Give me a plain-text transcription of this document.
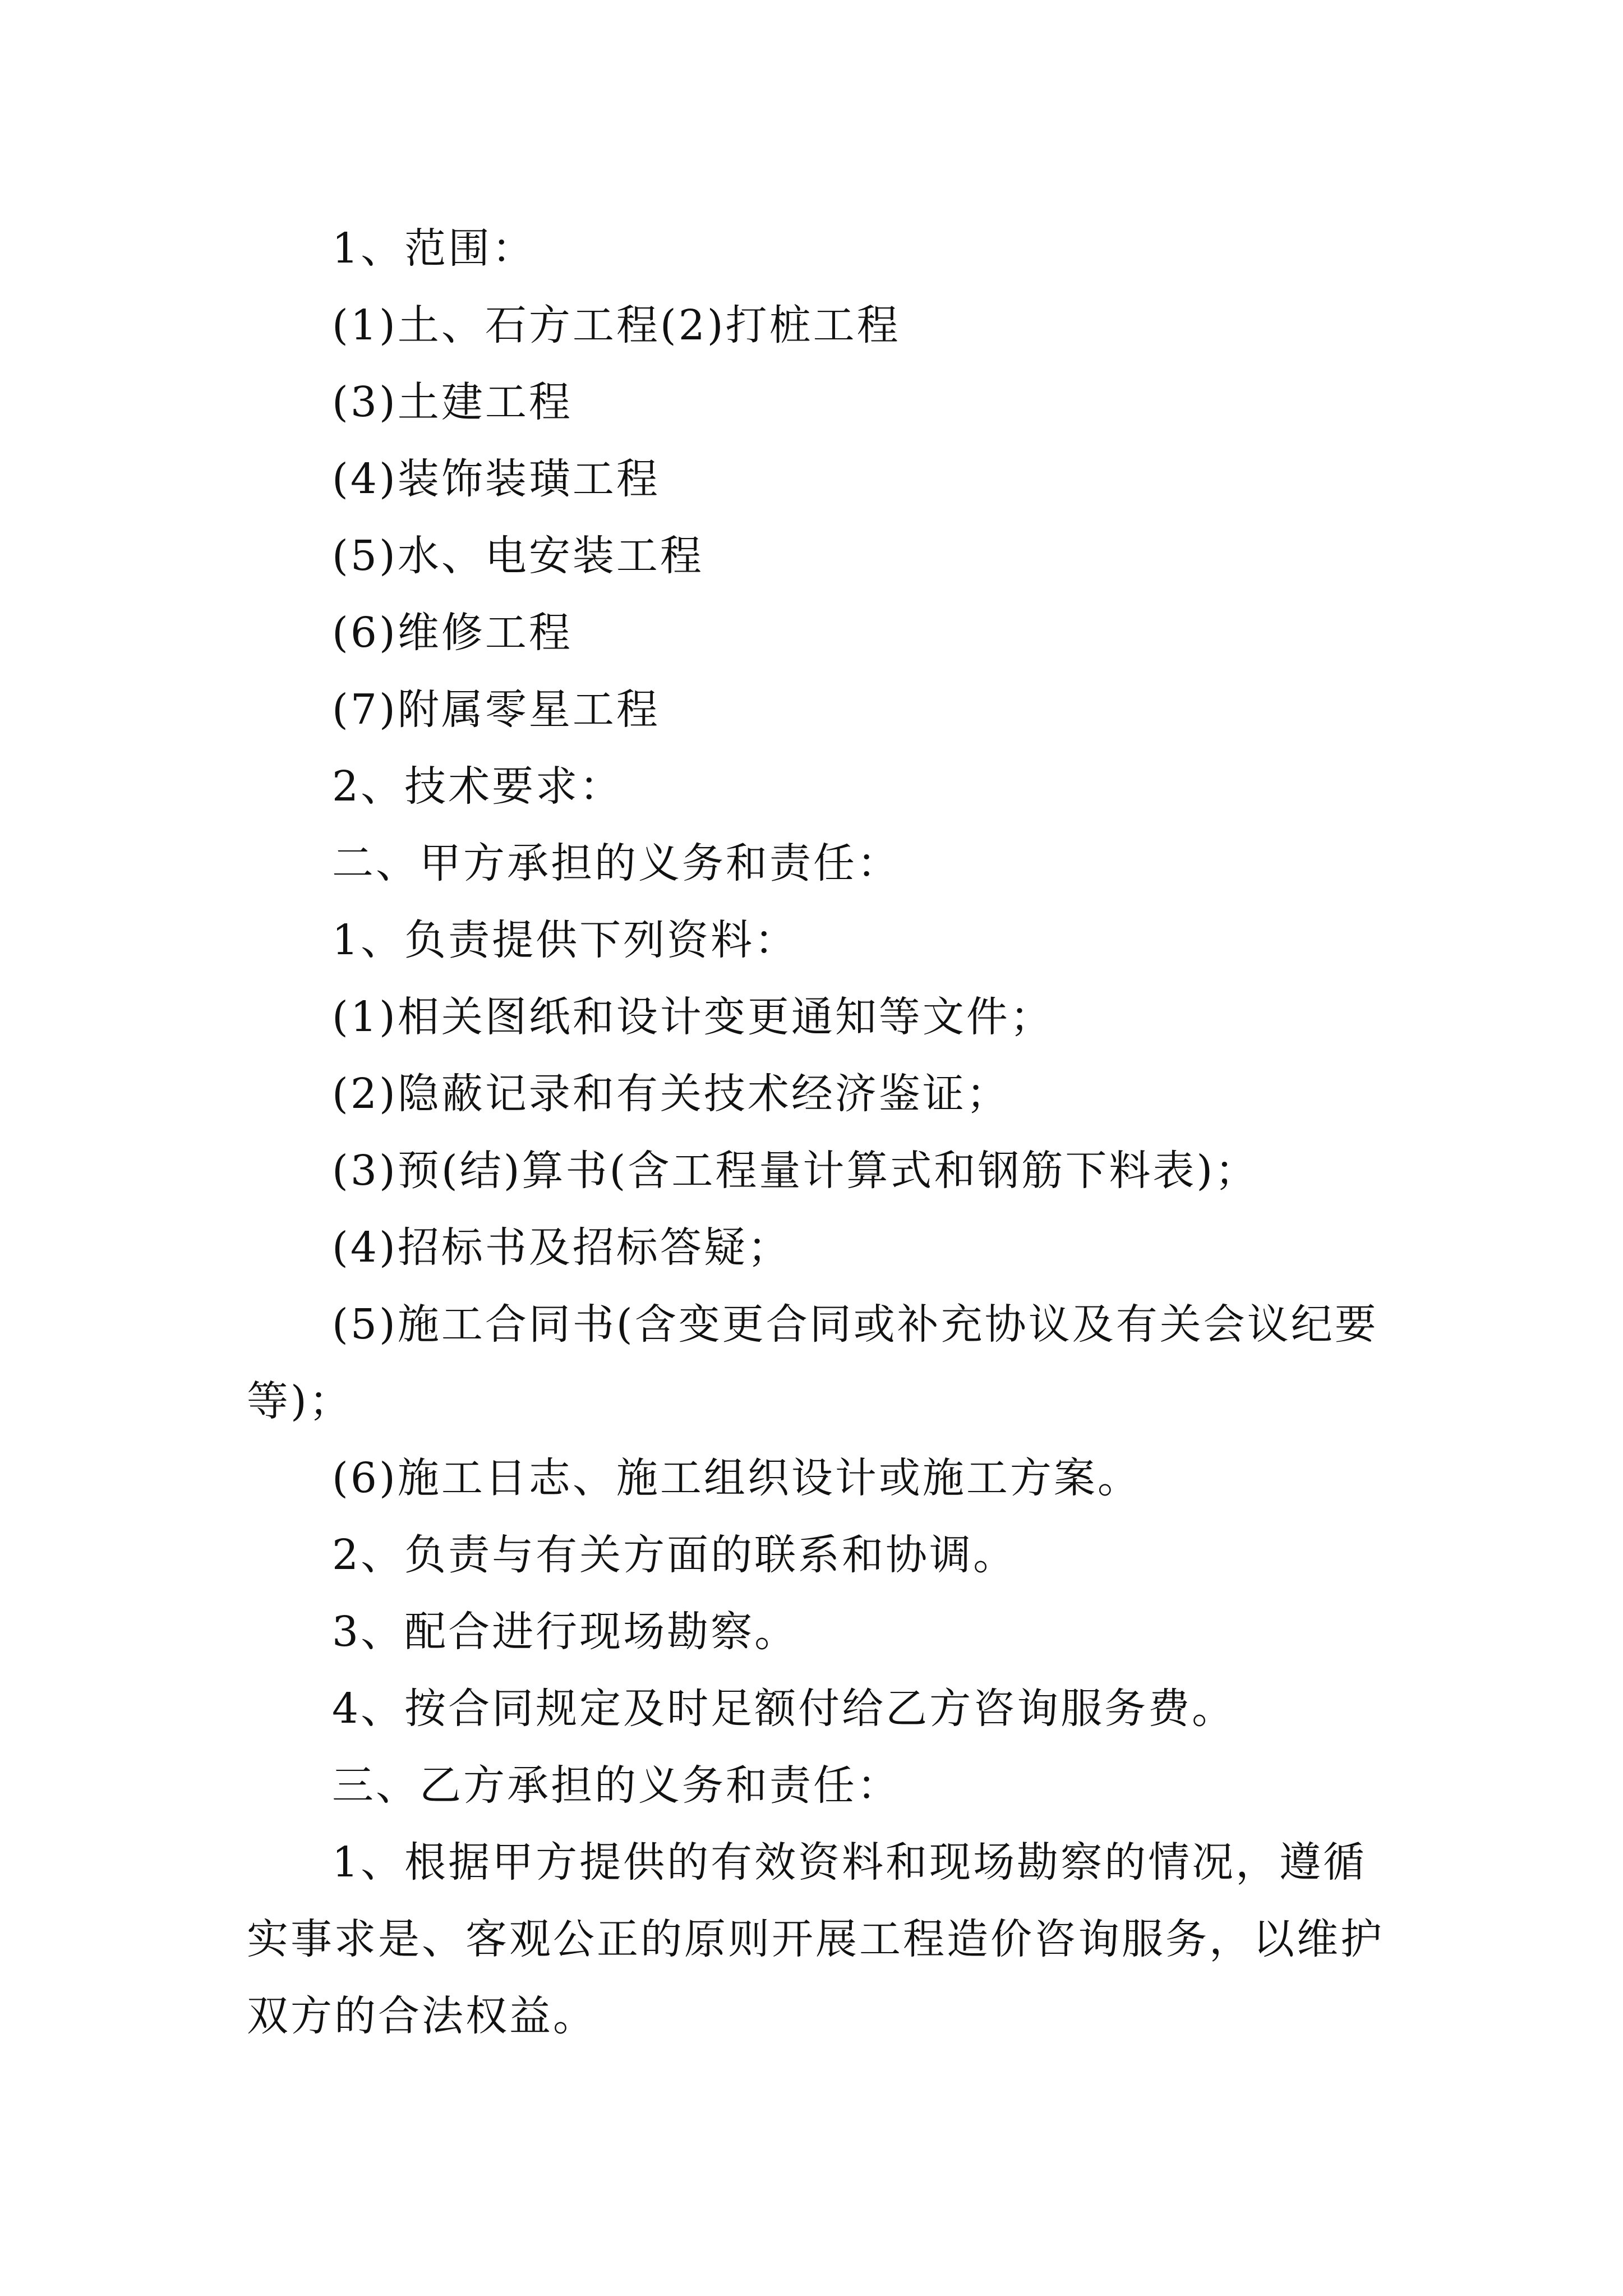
1、范围：

(1)土、石方工程(2)打桩工程

(3)土建工程

(4)装饰装璜工程

(5)水、电安装工程

(6)维修工程

(7)附属零星工程

2、技术要求：

二、甲方承担的义务和责任：

1、负责提供下列资料：

(1)相关图纸和设计变更通知等文件；

(2)隐蔽记录和有关技术经济鉴证；

(3)预(结)算书(含工程量计算式和钢筋下料表)；

(4)招标书及招标答疑；

(5)施工合同书(含变更合同或补充协议及有关会议纪要等)；

(6)施工日志、施工组织设计或施工方案。

2、负责与有关方面的联系和协调。

3、配合进行现场勘察。

4、按合同规定及时足额付给乙方咨询服务费。

三、乙方承担的义务和责任：

1、根据甲方提供的有效资料和现场勘察的情况，遵循实事求是、客观公正的原则开展工程造价咨询服务，以维护双方的合法权益。
